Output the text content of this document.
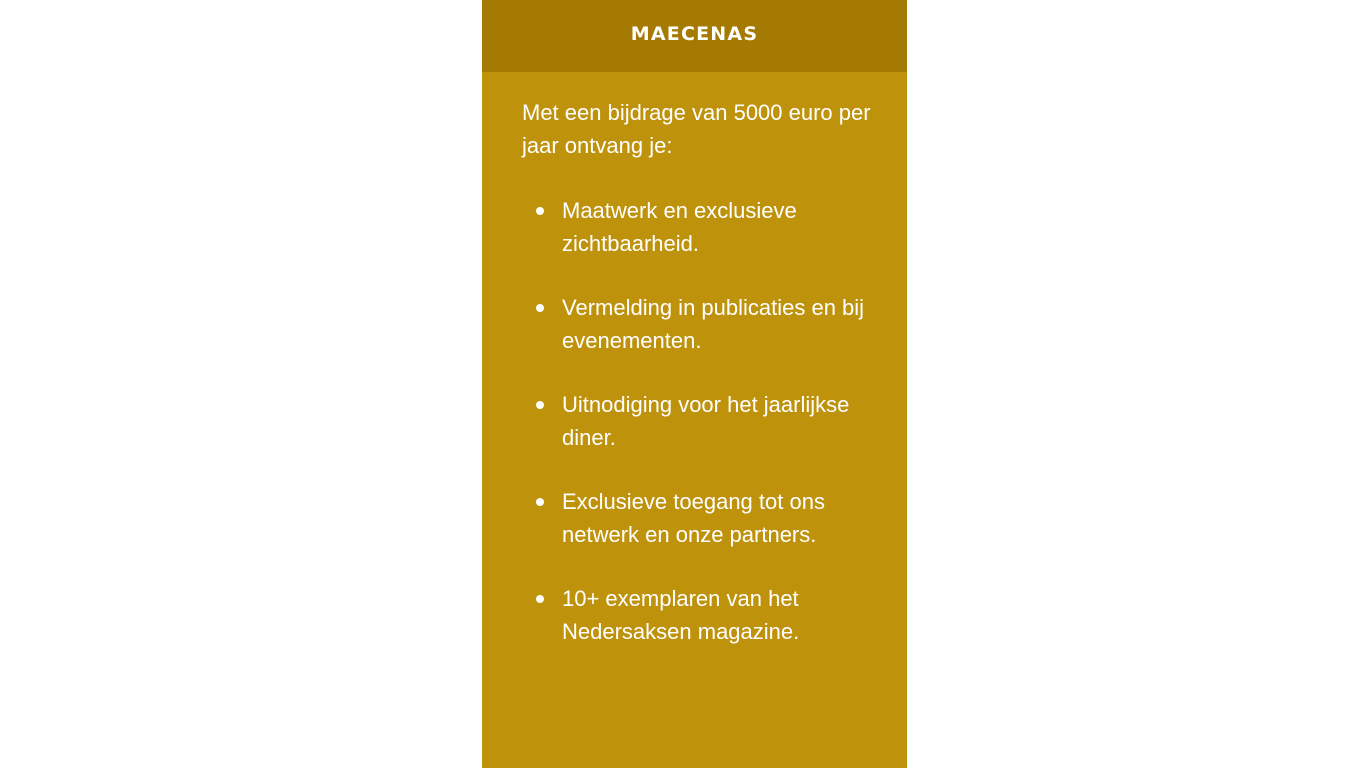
MAECENAS

Met een bijdrage van 5000 euro per jaar ontvang je:

Maatwerk en exclusieve zichtbaarheid.
Vermelding in publicaties en bij evenementen.
Uitnodiging voor het jaarlijkse diner.
Exclusieve toegang tot ons netwerk en onze partners.
10+ exemplaren van het Nedersaksen magazine.
